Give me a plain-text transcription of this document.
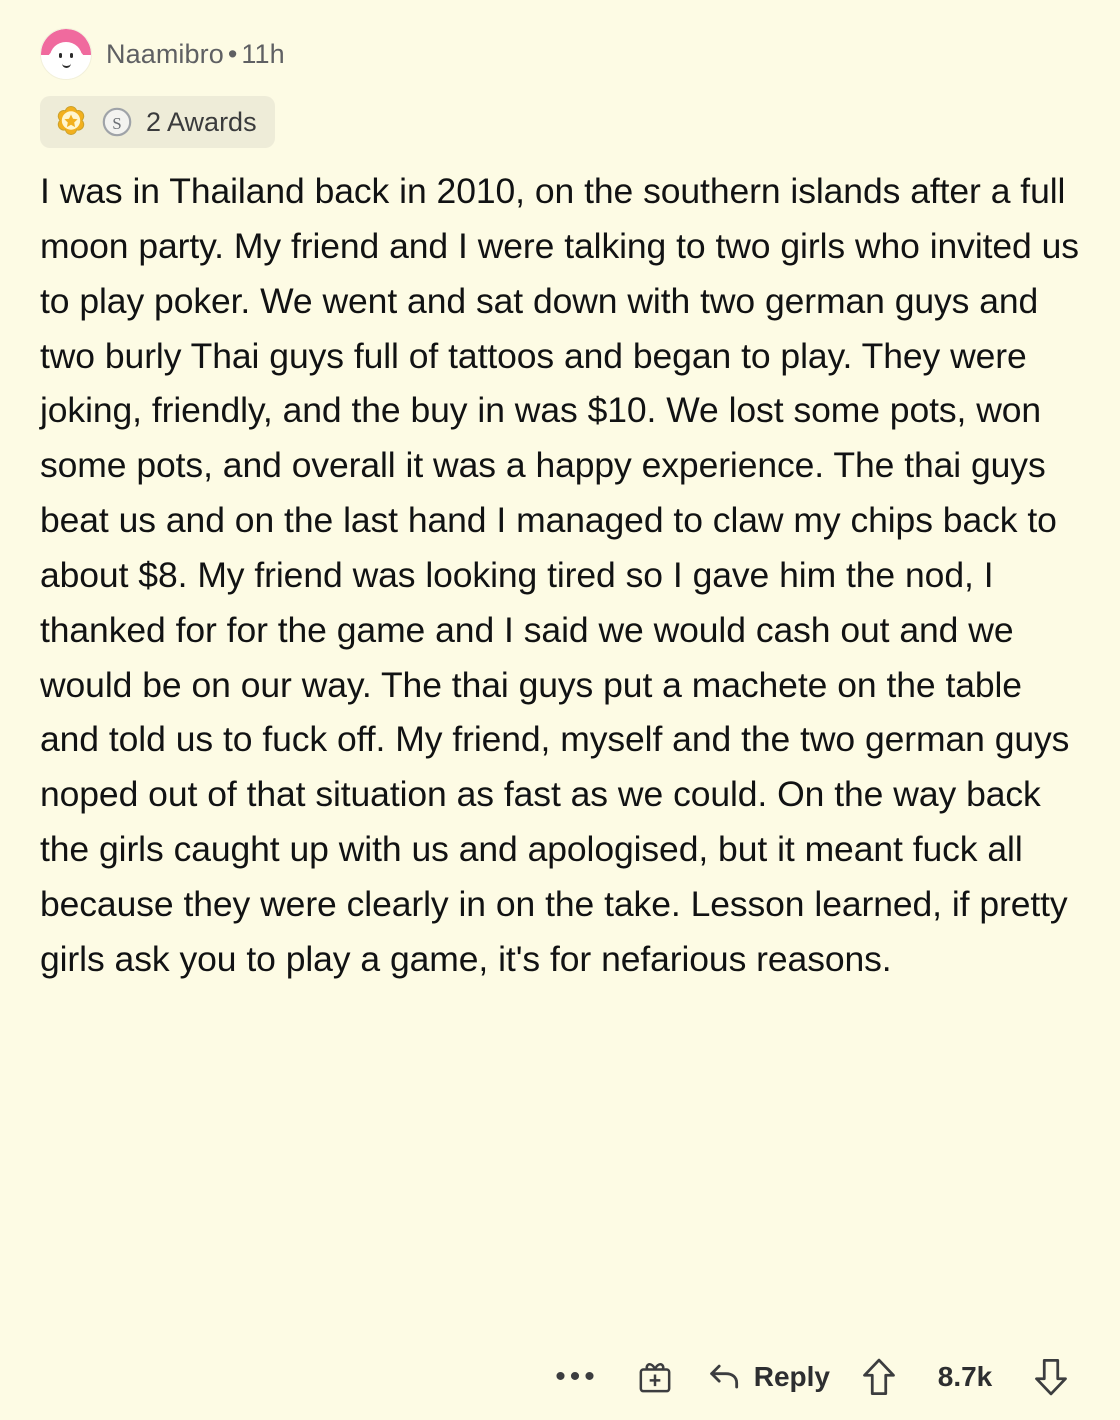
Naamibro • 11h
S 2 Awards
I was in Thailand back in 2010, on the southern islands after a full moon party. My friend and I were talking to two girls who invited us to play poker. We went and sat down with two german guys and two burly Thai guys full of tattoos and began to play. They were joking, friendly, and the buy in was $10. We lost some pots, won some pots, and overall it was a happy experience. The thai guys beat us and on the last hand I managed to claw my chips back to about $8. My friend was looking tired so I gave him the nod, I thanked for for the game and I said we would cash out and we would be on our way. The thai guys put a machete on the table and told us to fuck off. My friend, myself and the two german guys noped out of that situation as fast as we could. On the way back the girls caught up with us and apologised, but it meant fuck all because they were clearly in on the take. Lesson learned, if pretty girls ask you to play a game, it's for nefarious reasons.
•••	Reply	8.7k
